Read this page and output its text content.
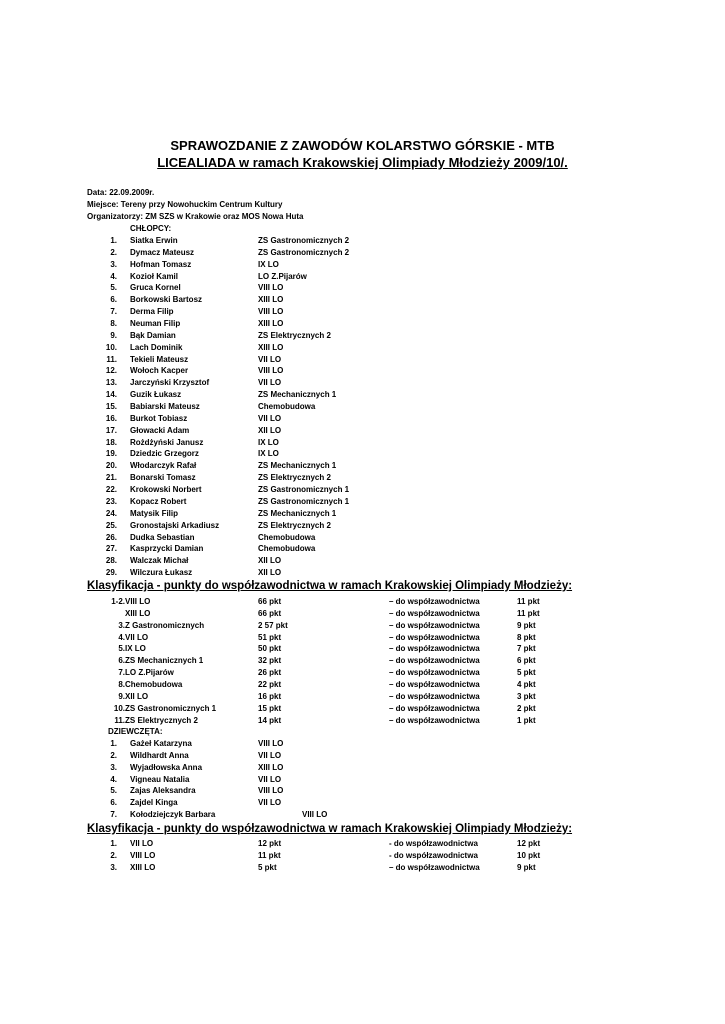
SPRAWOZDANIE Z ZAWODÓW KOLARSTWO GÓRSKIE - MTB
LICEALIADA w ramach Krakowskiej Olimpiady Młodzieży 2009/10/.
Data: 22.09.2009r.
Miejsce: Tereny przy Nowohuckim Centrum Kultury
Organizatorzy: ZM SZS w Krakowie oraz MOS Nowa Huta
CHŁOPCY:
1. Siatka Erwin	ZS Gastronomicznych 2
2. Dymacz Mateusz	ZS Gastronomicznych 2
3. Hofman Tomasz	IX LO
4. Kozioł Kamil	LO Z.Pijarów
5. Gruca Kornel	VIII LO
6. Borkowski Bartosz	XIII LO
7. Derma Filip	VIII LO
8. Neuman Filip	XIII LO
9. Bąk Damian	ZS Elektrycznych 2
10. Lach Dominik	XIII LO
11. Tekieli Mateusz	VII LO
12. Wołoch Kacper	VIII LO
13. Jarczyński Krzysztof	VII LO
14. Guzik Łukasz	ZS Mechanicznych 1
15. Babiarski Mateusz	Chemobudowa
16. Burkot Tobiasz	VII LO
17. Głowacki Adam	XII LO
18. Rożdżyński Janusz	IX LO
19. Dziedzic Grzegorz	IX LO
20. Włodarczyk Rafał	ZS Mechanicznych 1
21. Bonarski Tomasz	ZS Elektrycznych 2
22. Krokowski Norbert	ZS Gastronomicznych 1
23. Kopacz Robert	ZS Gastronomicznych 1
24. Matysik Filip	ZS Mechanicznych 1
25. Gronostajski Arkadiusz	ZS Elektrycznych 2
26. Dudka Sebastian	Chemobudowa
27. Kasprzycki Damian	Chemobudowa
28. Walczak Michał	XII LO
29. Wilczura Łukasz	XII LO
Klasyfikacja - punkty do współzawodnictwa w ramach Krakowskiej Olimpiady Młodzieży:
1-2. VIII LO	66 pkt	– do współzawodnictwa	11 pkt
XIII LO	66 pkt	– do współzawodnictwa	11 pkt
3. Z Gastronomicznych	2 57 pkt	– do współzawodnictwa	9 pkt
4. VII LO	51 pkt	– do współzawodnictwa	8 pkt
5. IX LO	50 pkt	– do współzawodnictwa	7 pkt
6. ZS Mechanicznych 1	32 pkt	– do współzawodnictwa	6 pkt
7. LO Z.Pijarów	26 pkt	– do współzawodnictwa	5 pkt
8. Chemobudowa	22 pkt	– do współzawodnictwa	4 pkt
9. XII LO	16 pkt	– do współzawodnictwa	3 pkt
10. ZS Gastronomicznych 1	15 pkt	– do współzawodnictwa	2 pkt
11. ZS Elektrycznych 2	14 pkt	– do współzawodnictwa	1 pkt
DZIEWCZĘTA:
1. Gażeł Katarzyna	VIII LO
2. Wildhardt Anna	VII LO
3. Wyjadłowska Anna	XIII LO
4. Vigneau Natalia	VII LO
5. Zajas Aleksandra	VIII LO
6. Zajdel Kinga	VII LO
7. Kołodziejczyk Barbara	VIII LO
Klasyfikacja - punkty do współzawodnictwa w ramach Krakowskiej Olimpiady Młodzieży:
1. VII LO	12 pkt	- do współzawodnictwa	12 pkt
2. VIII LO	11 pkt	- do współzawodnictwa	10 pkt
3. XIII LO	5 pkt	– do współzawodnictwa	9 pkt
